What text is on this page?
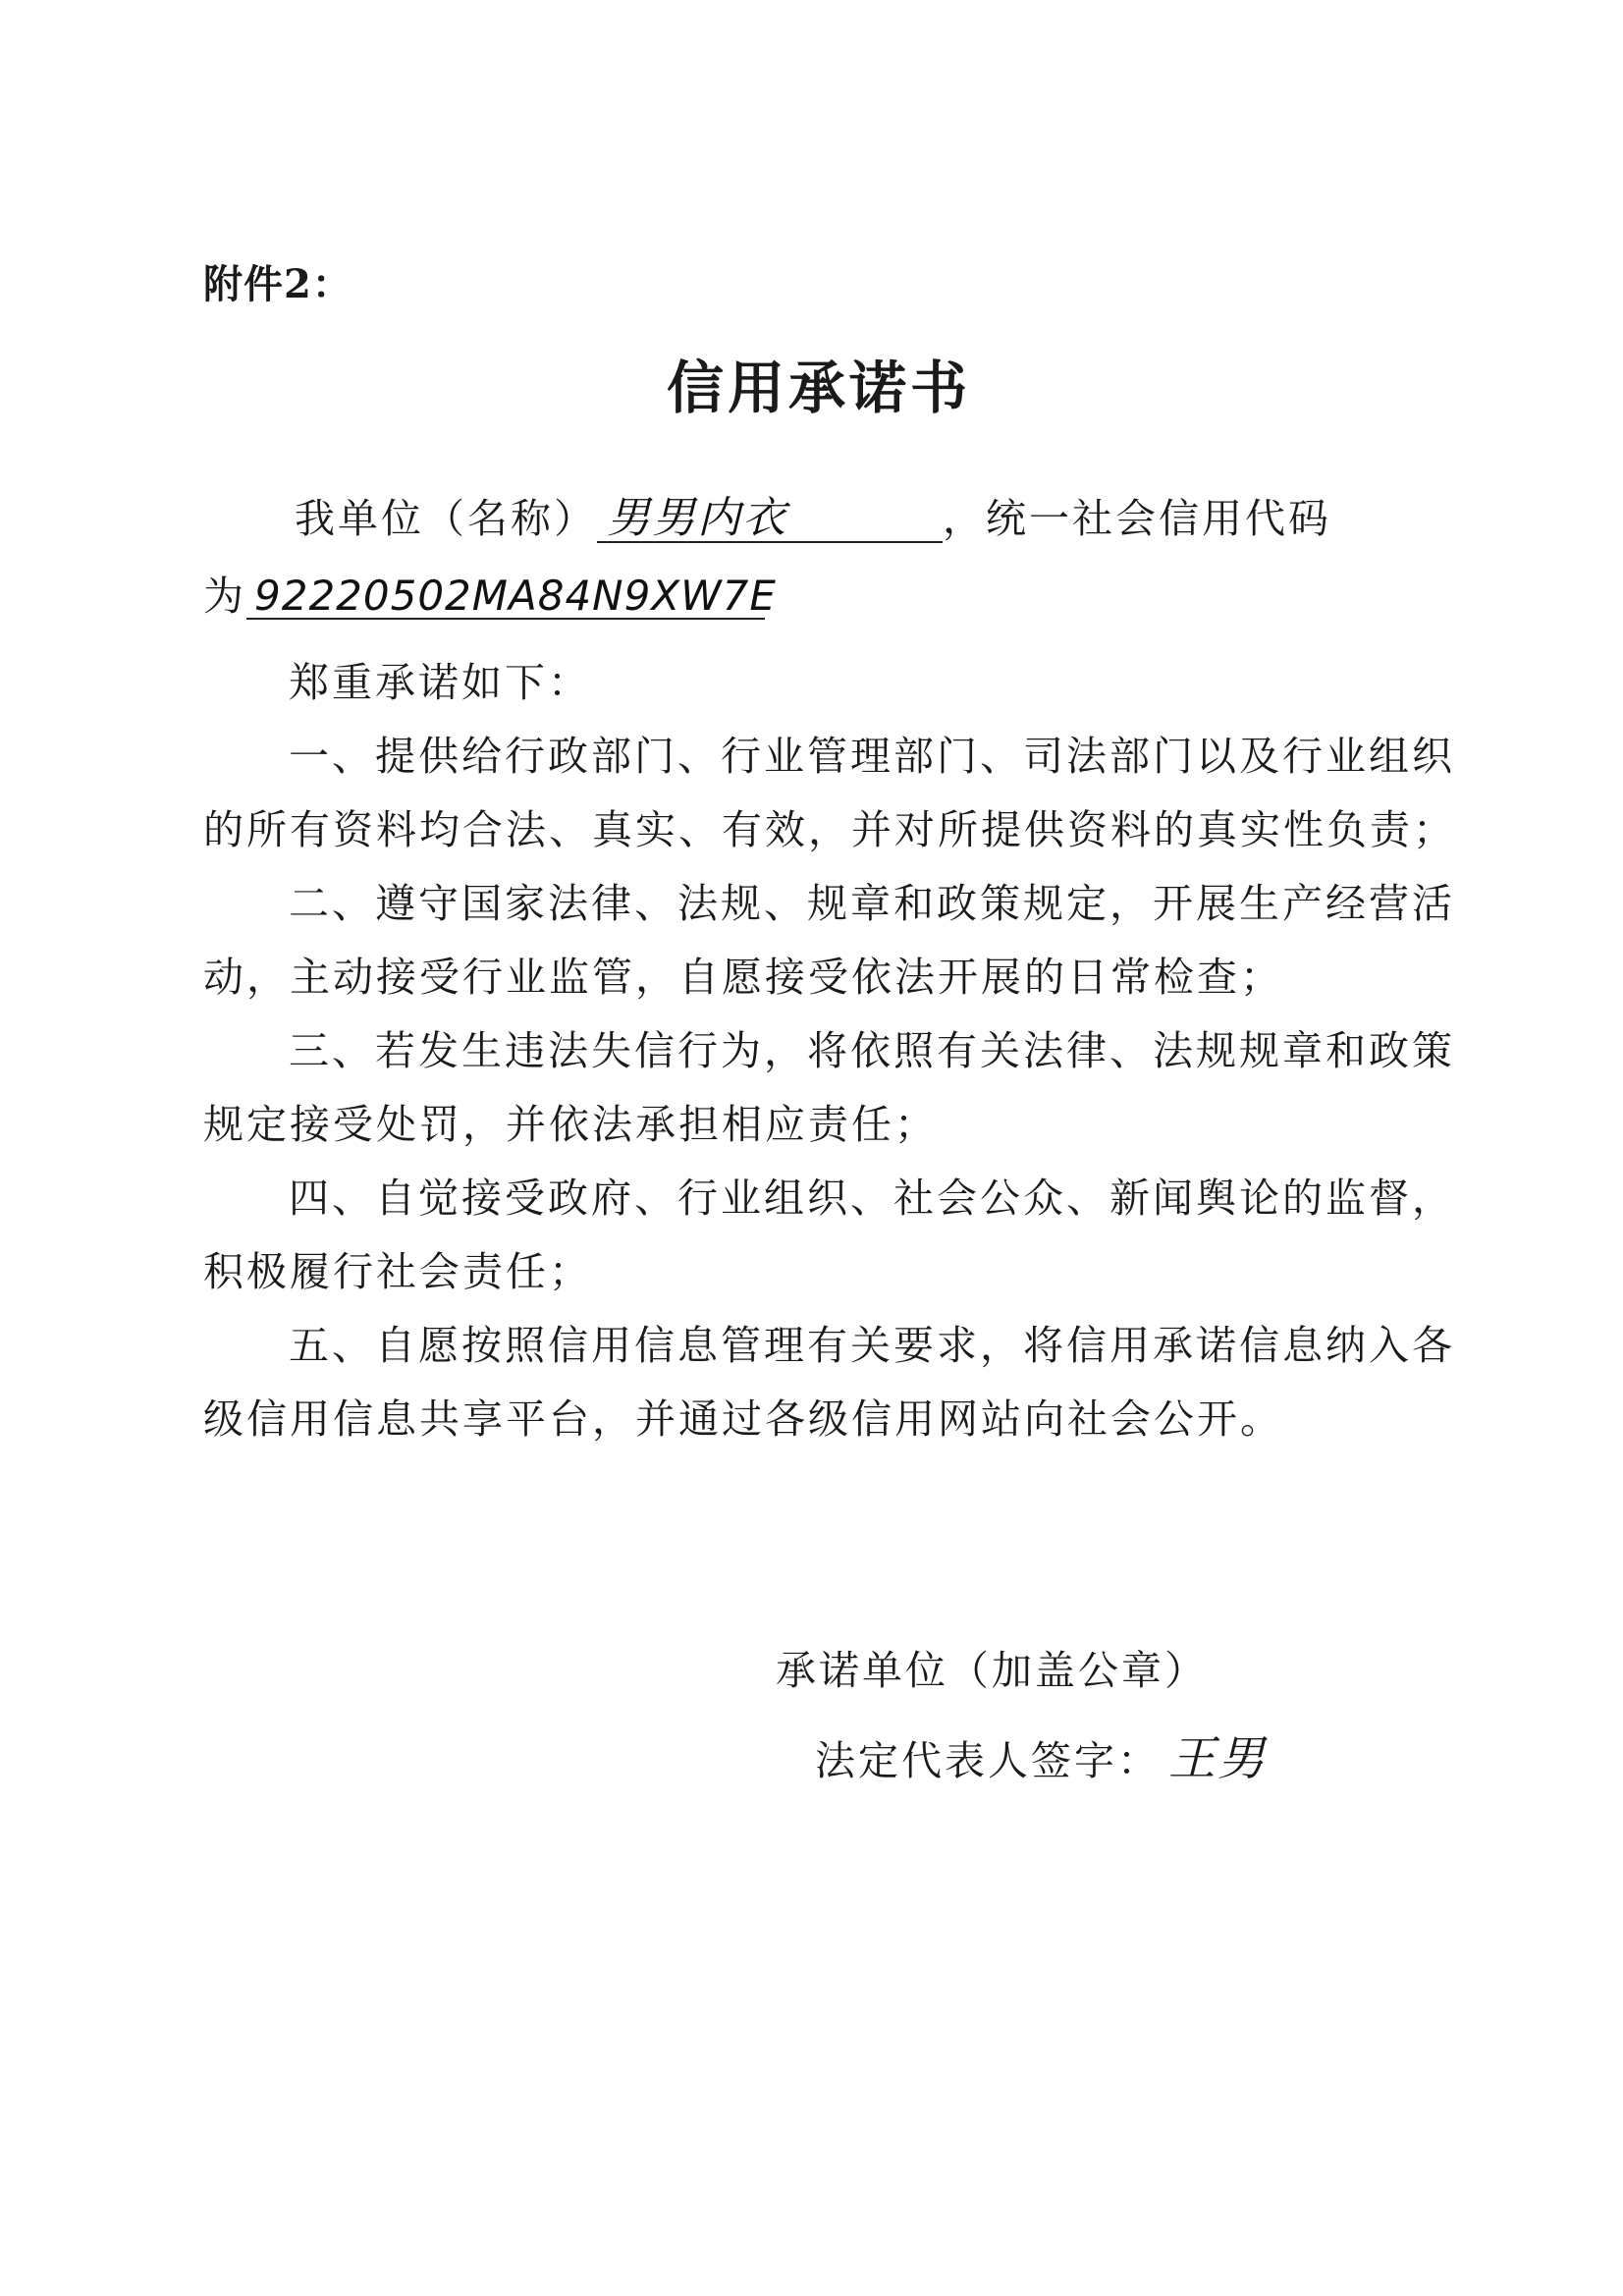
附件2：
信用承诺书
我单位（名称） 男男内衣	，统一社会信用代码
为 92220502MA84N9XW7E
郑重承诺如下：
一、提供给行政部门、行业管理部门、司法部门以及行业组织
的所有资料均合法、真实、有效，并对所提供资料的真实性负责；
二、遵守国家法律、法规、规章和政策规定，开展生产经营活
动，主动接受行业监管，自愿接受依法开展的日常检查；
三、若发生违法失信行为，将依照有关法律、法规规章和政策
规定接受处罚，并依法承担相应责任；
四、自觉接受政府、行业组织、社会公众、新闻舆论的监督，
积极履行社会责任；
五、自愿按照信用信息管理有关要求，将信用承诺信息纳入各
级信用信息共享平台，并通过各级信用网站向社会公开。
承诺单位（加盖公章）
法定代表人签字： 王男
